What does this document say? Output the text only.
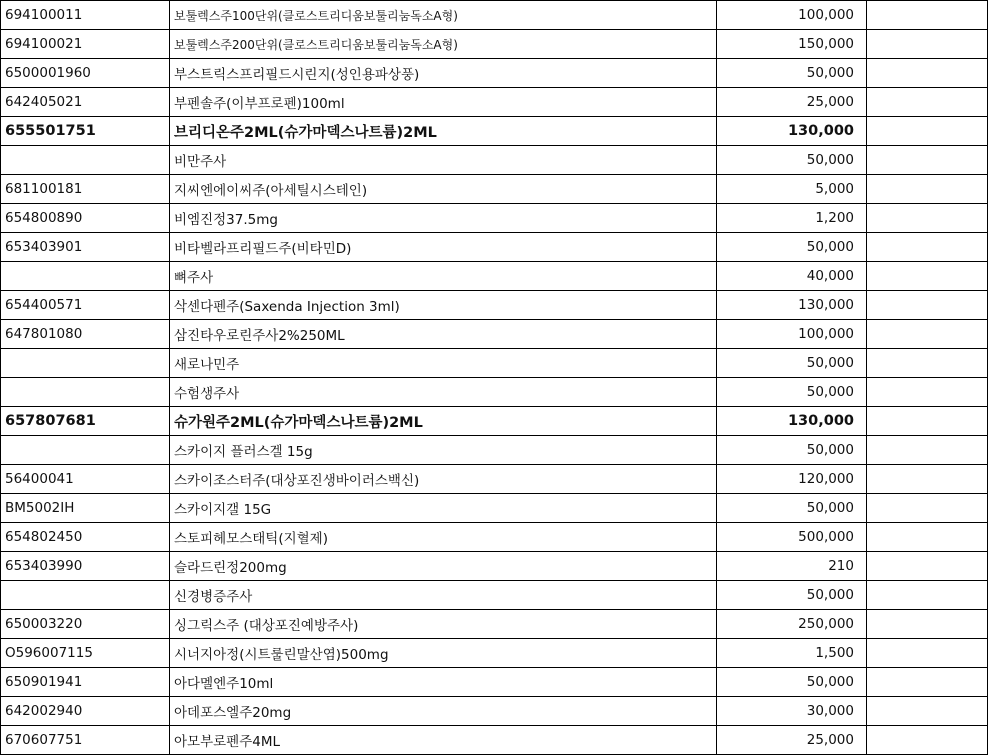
694100011	보툴렉스주100단위(클로스트리디움보툴리눔독소A형)	100,000	
694100021	보툴렉스주200단위(클로스트리디움보툴리눔독소A형)	150,000	
6500001960	부스트릭스프리필드시린지(성인용파상풍)	50,000	
642405021	부펜솔주(이부프로펜)100ml	25,000	
655501751	브리디온주2ML(슈가마덱스나트륨)2ML	130,000	
	비만주사	50,000	
681100181	지씨엔에이씨주(아세틸시스테인)	5,000	
654800890	비엠진정37.5mg	1,200	
653403901	비타벨라프리필드주(비타민D)	50,000	
	뼈주사	40,000	
654400571	삭센다펜주(Saxenda Injection 3ml)	130,000	
647801080	삼진타우로린주사2%250ML	100,000	
	새로나민주	50,000	
	수험생주사	50,000	
657807681	슈가원주2ML(슈가마덱스나트륨)2ML	130,000	
	스카이지 플러스겔 15g	50,000	
56400041	스카이조스터주(대상포진생바이러스백신)	120,000	
BM5002IH	스카이지갤 15G	50,000	
654802450	스토피헤모스태틱(지혈제)	500,000	
653403990	슬라드린정200mg	210	
	신경병증주사	50,000	
650003220	싱그릭스주 (대상포진예방주사)	250,000	
O596007115	시너지아정(시트룰린말산염)500mg	1,500	
650901941	아다멜엔주10ml	50,000	
642002940	아데포스엘주20mg	30,000	
670607751	아모부로펜주4ML	25,000	
